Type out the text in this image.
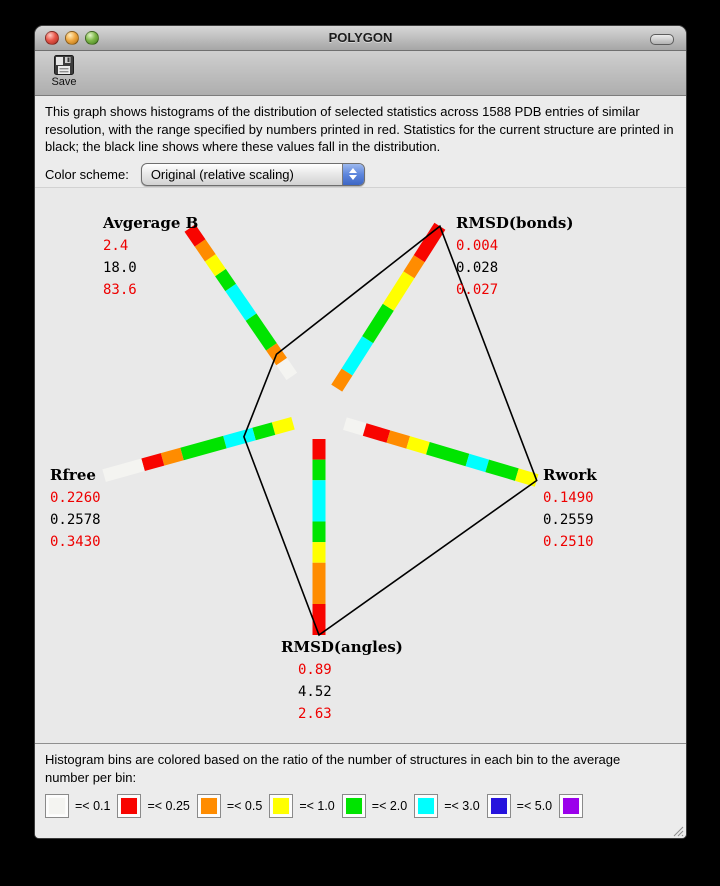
POLYGON
Save
This graph shows histograms of the distribution of selected statistics across 1588 PDB entries of similar resolution, with the range specified by numbers printed in red. Statistics for the current structure are printed in black; the black line shows where these values fall in the distribution.
Color scheme:	Original (relative scaling)
Avgerage B
2.4
18.0
83.6
RMSD(bonds)
0.004
0.028
0.027
Rfree
0.2260
0.2578
0.3430
Rwork
0.1490
0.2559
0.2510
RMSD(angles)
0.89
4.52
2.63
Histogram bins are colored based on the ratio of the number of structures in each bin to the average number per bin:
=< 0.1	=< 0.25	=< 0.5	=< 1.0	=< 2.0	=< 3.0	=< 5.0
